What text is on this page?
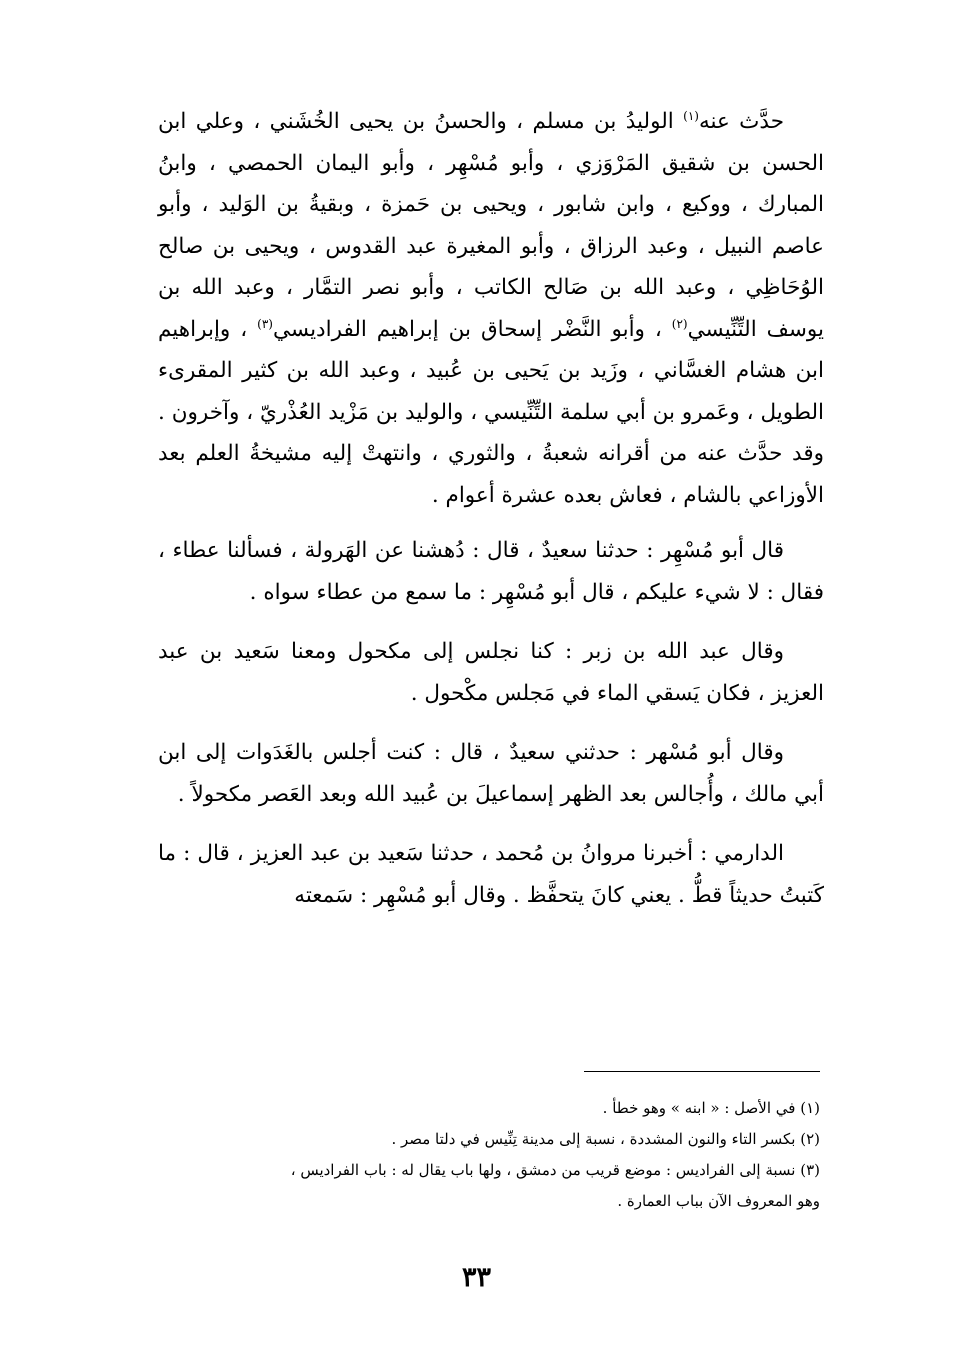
حدَّث عنه$^{(١)}$ الوليدُ بن مسلم ، والحسنُ بن يحيى الخُشَني ، وعلي ابن الحسن بن شقيق المَرْوَزي ، وأبو مُسْهِر ، وأبو اليمان الحمصي ، وابنُ المبارك ، ووكيع ، وابن شابور ، ويحيى بن حَمزة ، وبقيةُ بن الوَليد ، وأبو عاصم النبيل ، وعبد الرزاق ، وأبو المغيرة عبد القدوس ، ويحيى بن صالح الوُحَاظِي ، وعبد الله بن صَالح الكاتب ، وأبو نصر التمَّار ، وعبد الله بن يوسف التِّنِّيسي$^{(٢)}$ ، وأبو النَّضْر إسحاق بن إبراهيم الفراديسي$^{(٣)}$ ، وإبراهيم ابن هشام الغسَّاني ، وزَيد بن يَحيى بن عُبيد ، وعبد الله بن كثير المقرىء الطويل ، وعَمرو بن أبي سلمة التِّنِّيسي ، والوليد بن مَزْيد العُذْريّ ، وآخرون . وقد حدَّث عنه من أقرانه شعبةُ ، والثوري ، وانتهتْ إليه مشيخةُ العلم بعد الأوزاعي بالشام ، فعاش بعده عشرة أعوام .

قال أبو مُسْهِر : حدثنا سعيدٌ ، قال : دُهشنا عن الهَرولة ، فسألنا عطاء ، فقال : لا شيء عليكم ، قال أبو مُسْهِر : ما سمع من عطاء سواه .

وقال عبد الله بن زبر : كنا نجلس إلى مكحول ومعنا سَعيد بن عبد العزيز ، فكان يَسقي الماء في مَجلس مكْحول .

وقال أبو مُسْهر : حدثني سعيدٌ ، قال : كنت أجلس بالغَدَوات إلى ابن أبي مالك ، وأُجالس بعد الظهر إسماعيلَ بن عُبيد الله وبعد العَصر مكحولاً .

الدارمي : أخبرنا مروانُ بن مُحمد ، حدثنا سَعيد بن عبد العزيز ، قال : ما كَتبتُ حديثاً قطُّ . يعني كانَ يتحفَّظ . وقال أبو مُسْهِر : سَمعته

(١) في الأصل : « ابنه » وهو خطأ .

(٢) بكسر التاء والنون المشددة ، نسبة إلى مدينة تِنِّيس في دلتا مصر .

(٣) نسبة إلى الفراديس : موضع قريب من دمشق ، ولها باب يقال له : باب الفراديس ،

وهو المعروف الآن بباب العمارة .

٣٣
